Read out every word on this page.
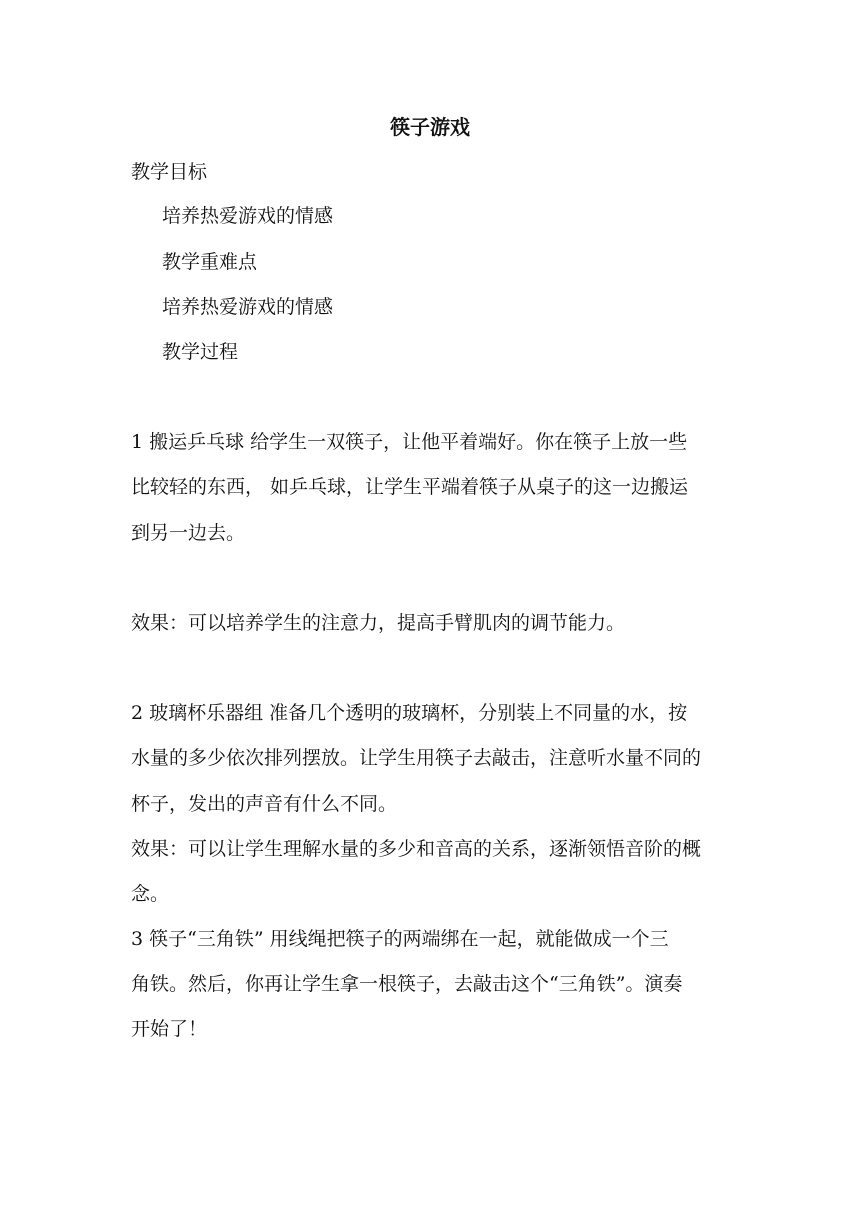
筷子游戏
教学目标
培养热爱游戏的情感
教学重难点
培养热爱游戏的情感
教学过程
1 搬运乒乓球 给学生一双筷子，让他平着端好。你在筷子上放一些
比较轻的东西， 如乒乓球，让学生平端着筷子从桌子的这一边搬运
到另一边去。
效果：可以培养学生的注意力，提高手臂肌肉的调节能力。
2 玻璃杯乐器组 准备几个透明的玻璃杯，分别装上不同量的水，按
水量的多少依次排列摆放。让学生用筷子去敲击，注意听水量不同的
杯子，发出的声音有什么不同。
效果：可以让学生理解水量的多少和音高的关系，逐渐领悟音阶的概
念。
3 筷子“三角铁” 用线绳把筷子的两端绑在一起，就能做成一个三
角铁。然后，你再让学生拿一根筷子，去敲击这个“三角铁”。演奏
开始了！
